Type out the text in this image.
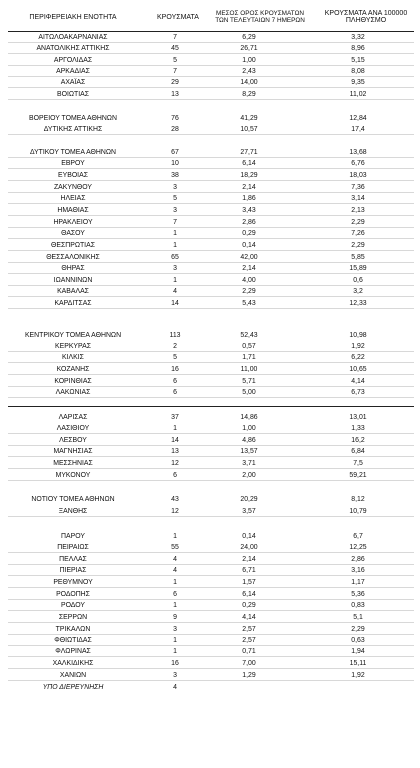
ΠΕΡΙΦΕΡΕΙΑΚΗ ΕΝΟΤΗΤΑ	ΚΡΟΥΣΜΑΤΑ
ΜΕΣΟΣ ΟΡΟΣ ΚΡΟΥΣΜΑΤΩΝ
ΤΩΝ ΤΕΛΕΥΤΑΙΩΝ 7 ΗΜΕΡΩΝ
ΚΡΟΥΣΜΑΤΑ ΑΝΑ 100000
ΠΛΗΘΥΣΜΟ
ΑΙΤΩΛΟΑΚΑΡΝΑΝΙΑΣ	7	6,29	3,32
ΑΝΑΤΟΛΙΚΗΣ ΑΤΤΙΚΗΣ	45	26,71	8,96
ΑΡΓΟΛΙΔΑΣ	5	1,00	5,15
ΑΡΚΑΔΙΑΣ	7	2,43	8,08
ΑΧΑΪΑΣ	29	14,00	9,35
ΒΟΙΩΤΙΑΣ	13	8,29	11,02
ΒΟΡΕΙΟΥ ΤΟΜΕΑ ΑΘΗΝΩΝ	76	41,29	12,84
ΔΥΤΙΚΗΣ ΑΤΤΙΚΗΣ	28	10,57	17,4
ΔΥΤΙΚΟΥ ΤΟΜΕΑ ΑΘΗΝΩΝ	67	27,71	13,68
ΕΒΡΟΥ	10	6,14	6,76
ΕΥΒΟΙΑΣ	38	18,29	18,03
ΖΑΚΥΝΘΟΥ	3	2,14	7,36
ΗΛΕΙΑΣ	5	1,86	3,14
ΗΜΑΘΙΑΣ	3	3,43	2,13
ΗΡΑΚΛΕΙΟΥ	7	2,86	2,29
ΘΑΣΟΥ	1	0,29	7,26
ΘΕΣΠΡΩΤΙΑΣ	1	0,14	2,29
ΘΕΣΣΑΛΟΝΙΚΗΣ	65	42,00	5,85
ΘΗΡΑΣ	3	2,14	15,89
ΙΩΑΝΝΙΝΩΝ	1	4,00	0,6
ΚΑΒΑΛΑΣ	4	2,29	3,2
ΚΑΡΔΙΤΣΑΣ	14	5,43	12,33
ΚΕΝΤΡΙΚΟΥ ΤΟΜΕΑ ΑΘΗΝΩΝ	113	52,43	10,98
ΚΕΡΚΥΡΑΣ	2	0,57	1,92
ΚΙΛΚΙΣ	5	1,71	6,22
ΚΟΖΑΝΗΣ	16	11,00	10,65
ΚΟΡΙΝΘΙΑΣ	6	5,71	4,14
ΛΑΚΩΝΙΑΣ	6	5,00	6,73
ΛΑΡΙΣΑΣ	37	14,86	13,01
ΛΑΣΙΘΙΟΥ	1	1,00	1,33
ΛΕΣΒΟΥ	14	4,86	16,2
ΜΑΓΝΗΣΙΑΣ	13	13,57	6,84
ΜΕΣΣΗΝΙΑΣ	12	3,71	7,5
ΜΥΚΟΝΟΥ	6	2,00	59,21
ΝΟΤΙΟΥ ΤΟΜΕΑ ΑΘΗΝΩΝ	43	20,29	8,12
ΞΑΝΘΗΣ	12	3,57	10,79
ΠΑΡΟΥ	1	0,14	6,7
ΠΕΙΡΑΙΩΣ	55	24,00	12,25
ΠΕΛΛΑΣ	4	2,14	2,86
ΠΙΕΡΙΑΣ	4	6,71	3,16
ΡΕΘΥΜΝΟΥ	1	1,57	1,17
ΡΟΔΟΠΗΣ	6	6,14	5,36
ΡΟΔΟΥ	1	0,29	0,83
ΣΕΡΡΩΝ	9	4,14	5,1
ΤΡΙΚΑΛΩΝ	3	2,57	2,29
ΦΘΙΩΤΙΔΑΣ	1	2,57	0,63
ΦΛΩΡΙΝΑΣ	1	0,71	1,94
ΧΑΛΚΙΔΙΚΗΣ	16	7,00	15,11
ΧΑΝΙΩΝ	3	1,29	1,92
ΥΠΟ ΔΙΕΡΕΥΝΗΣΗ	4
